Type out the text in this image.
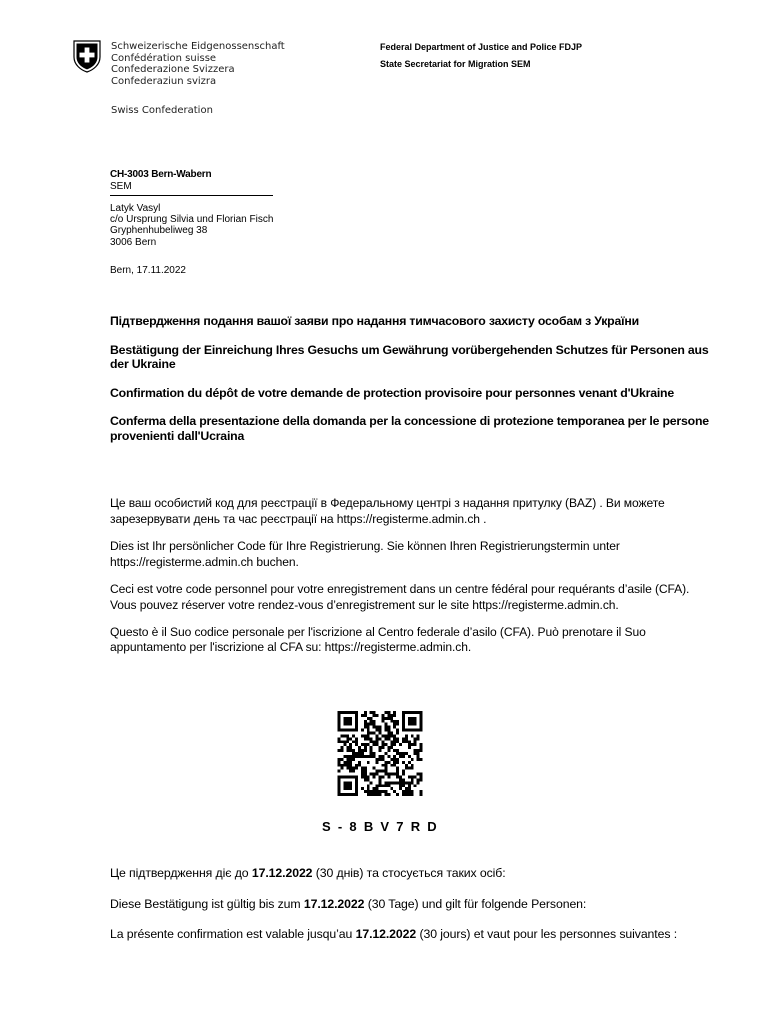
Schweizerische Eidgenossenschaft
Confédération suisse
Confederazione Svizzera
Confederaziun svizra
Swiss Confederation
Federal Department of Justice and Police FDJP
State Secretariat for Migration SEM
CH-3003 Bern-Wabern
SEM
Latyk Vasyl
c/o Ursprung Silvia und Florian Fisch
Gryphenhubeliweg 38
3006 Bern
Bern, 17.11.2022

Підтвердження подання вашої заяви про надання тимчасового захисту особам з України

Bestätigung der Einreichung Ihres Gesuchs um Gewährung vorübergehenden Schutzes für Personen aus der Ukraine

Confirmation du dépôt de votre demande de protection provisoire pour personnes venant d'Ukraine

Conferma della presentazione della domanda per la concessione di protezione temporanea per le persone provenienti dall'Ucraina

Це ваш особистий код для реєстрації в Федеральному центрі з надання притулку (BAZ) . Ви можете зарезервувати день та час реєстрації на https://registerme.admin.ch .

Dies ist Ihr persönlicher Code für Ihre Registrierung. Sie können Ihren Registrierungstermin unter https://registerme.admin.ch buchen.

Ceci est votre code personnel pour votre enregistrement dans un centre fédéral pour requérants d’asile (CFA). Vous pouvez réserver votre rendez-vous d’enregistrement sur le site https://registerme.admin.ch.

Questo è il Suo codice personale per l'iscrizione al Centro federale d’asilo (CFA). Può prenotare il Suo appuntamento per l'iscrizione al CFA su: https://registerme.admin.ch.

S-8BV7RD

Це підтвердження діє до 17.12.2022 (30 днів) та стосується таких осіб:

Diese Bestätigung ist gültig bis zum 17.12.2022 (30 Tage) und gilt für folgende Personen:

La présente confirmation est valable jusqu’au 17.12.2022 (30 jours) et vaut pour les personnes suivantes :
